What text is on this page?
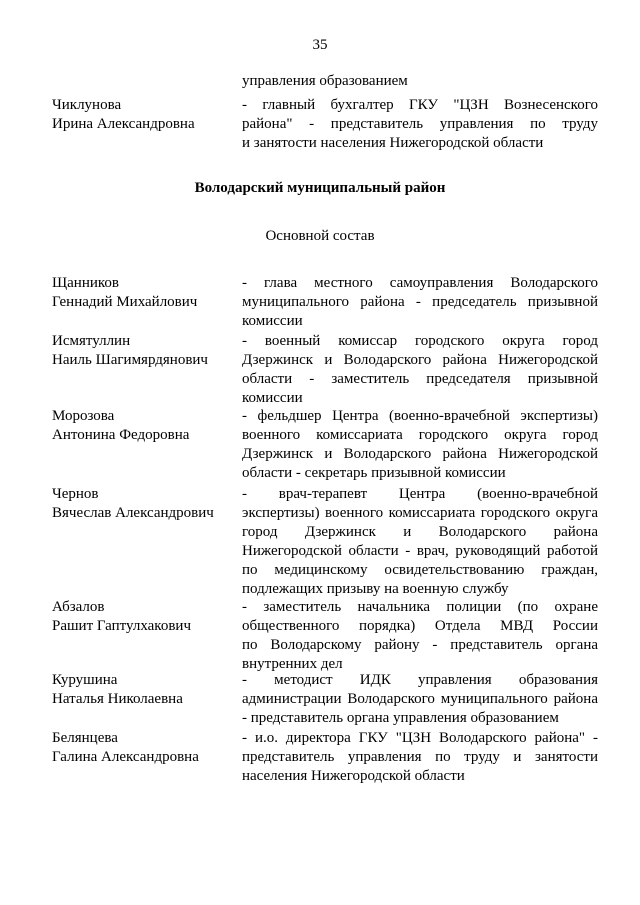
35
управления образованием
Чиклунова
Ирина Александровна
- главный бухгалтер ГКУ "ЦЗН Вознесенского
района" - представитель управления по труду
и занятости населения Нижегородской области
Володарский муниципальный район
Основной состав
Щанников
Геннадий Михайлович
- глава местного самоуправления Володарского
муниципального района - председатель призывной
комиссии
Исмятуллин
Наиль Шагимярдянович
- военный комиссар городского округа город
Дзержинск и Володарского района Нижегородской
области - заместитель председателя призывной
комиссии
Морозова
Антонина Федоровна
- фельдшер Центра (военно-врачебной экспертизы)
военного комиссариата городского округа город
Дзержинск и Володарского района Нижегородской
области - секретарь призывной комиссии
Чернов
Вячеслав Александрович
- врач-терапевт Центра (военно-врачебной
экспертизы) военного комиссариата городского округа
город Дзержинск и Володарского района
Нижегородской области - врач, руководящий работой
по медицинскому освидетельствованию граждан,
подлежащих призыву на военную службу
Абзалов
Рашит Гаптулхакович
- заместитель начальника полиции (по охране
общественного порядка) Отдела МВД России
по Володарскому району - представитель органа
внутренних дел
Курушина
Наталья Николаевна
- методист ИДК управления образования
администрации Володарского муниципального района
- представитель органа управления образованием
Белянцева
Галина Александровна
- и.о. директора ГКУ "ЦЗН Володарского района" -
представитель управления по труду и занятости
населения Нижегородской области
